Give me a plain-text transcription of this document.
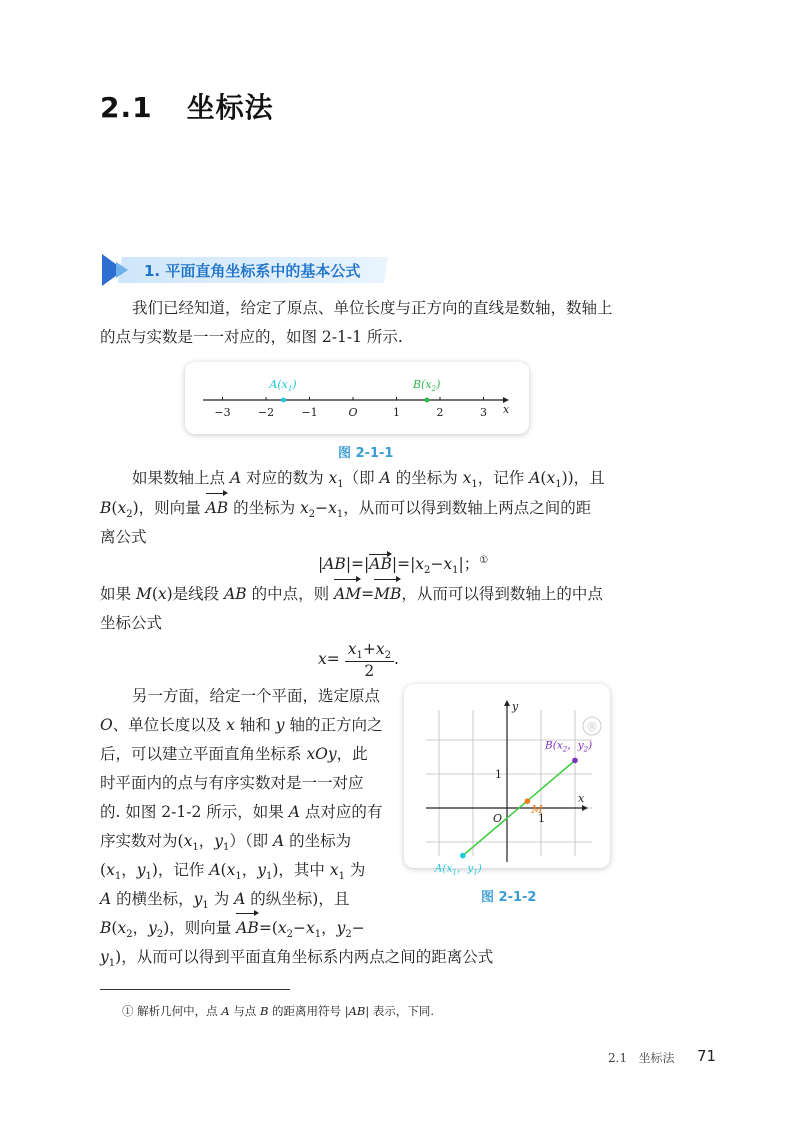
2.1 坐标法
1. 平面直角坐标系中的基本公式
我们已经知道，给定了原点、单位长度与正方向的直线是数轴，数轴上
的点与实数是一一对应的，如图 2-1-1 所示.
x
−3 −2 −1	O	1	2	3
$A(x_1)$	$B(x_2)$
图 2-1-1
如果数轴上点 A 对应的数为 $x_1$（即 A 的坐标为 $x_1$，记作 $A(x_1)$)，且
$B(x_2)$，则向量 AB 的坐标为 $x_2-x_1$，从而可以得到数轴上两点之间的距
离公式
$|AB|=|AB|=|x_2-x_1|$；①
如果 M(x)是线段 AB 的中点，则 AM=MB，从而可以得到数轴上的中点
坐标公式
$x= \frac{x_1+x_2}{2}$ .
另一方面，给定一个平面，选定原点
O、单位长度以及 x 轴和 y 轴的正方向之
后，可以建立平面直角坐标系 xOy，此
时平面内的点与有序实数对是一一对应
的. 如图 2-1-2 所示，如果 A 点对应的有
序实数对为($x_1$，$y_1$）（即 A 的坐标为
($x_1$，$y_1$)，记作 $A(x_1$，$y_1$)，其中 $x_1$ 为
A 的横坐标，$y_1$ 为 A 的纵坐标)，且
$B(x_2$，$y_2$)，则向量 $AB=(x_2-x_1$，$y_2-$
$y_1$)，从而可以得到平面直角坐标系内两点之间的距离公式
®
x
y
O	1
1
M
$A(x_1$，$y_1$)
$B(x_2$，$y_2$)
图 2-1-2
① 解析几何中，点 A 与点 B 的距离用符号 |AB| 表示，下同.
2.1 坐标法 71
